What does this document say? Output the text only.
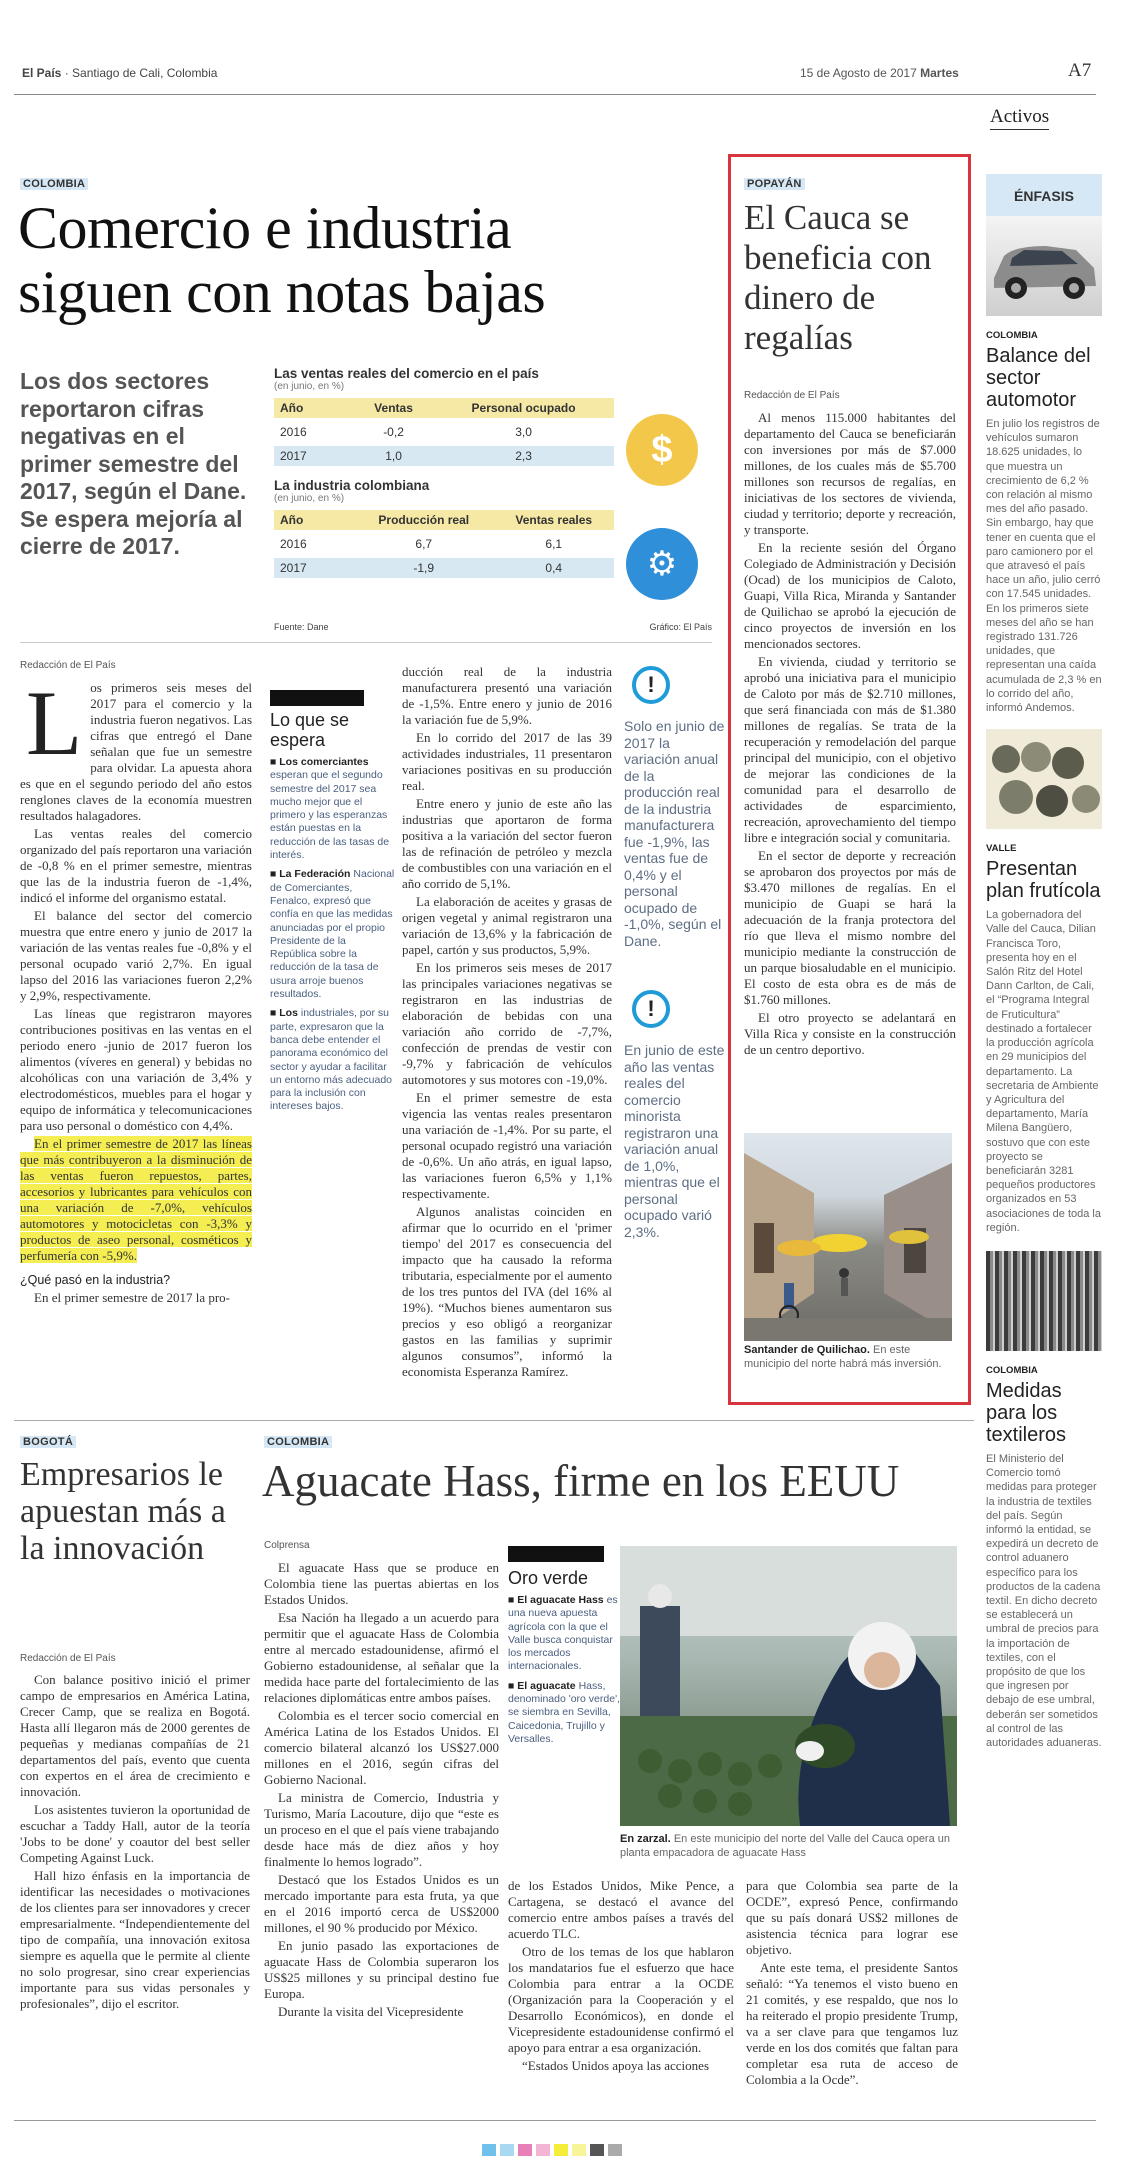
El País · Santiago de Cali, Colombia	15 de Agosto de 2017 Martes	A7
Activos
COLOMBIA
Comercio e industria
siguen con notas bajas
Los dos sectores reportaron cifras negativas en el primer semestre del 2017, según el Dane. Se espera mejoría al cierre de 2017.
Las ventas reales del comercio en el país
(en junio, en %)
Año	Ventas	Personal ocupado
2016	-0,2	3,0
2017	1,0	2,3
La industria colombiana
(en junio, en %)
Año	Producción real	Ventas reales
2016	6,7	6,1
2017	-1,9	0,4
$
⚙
Fuente: Dane	Gráfico: El País
Redacción de El País
L os primeros seis meses del 2017 para el comercio y la industria fueron negativos. Las cifras que entregó el Dane señalan que fue un semestre para olvidar. La apuesta ahora es que en el segundo periodo del año estos renglones claves de la economía muestren resultados halagadores.

Las ventas reales del comercio organizado del país reportaron una variación de -0,8 % en el primer semestre, mientras que las de la industria fueron de -1,4%, indicó el informe del organismo estatal.

El balance del sector del comercio muestra que entre enero y junio de 2017 la variación de las ventas reales fue -0,8% y el personal ocupado varió 2,7%. En igual lapso del 2016 las variaciones fueron 2,2% y 2,9%, respectivamente.

Las líneas que registraron mayores contribuciones positivas en las ventas en el periodo enero -junio de 2017 fueron los alimentos (víveres en general) y bebidas no alcohólicas con una variación de 3,4% y electrodomésticos, muebles para el hogar y equipo de informática y telecomunicaciones para uso personal o doméstico con 4,4%.

En el primer semestre de 2017 las líneas que más contribuyeron a la disminución de las ventas fueron repuestos, partes, accesorios y lubricantes para vehículos con una variación de -7,0%, vehículos automotores y motocicletas con -3,3% y productos de aseo personal, cosméticos y perfumería con -5,9%.

¿Qué pasó en la industria?

En el primer semestre de 2017 la pro-

Lo que se espera
■ Los comerciantes esperan que el segundo semestre del 2017 sea mucho mejor que el primero y las esperanzas están puestas en la reducción de las tasas de interés.
■ La Federación Nacional de Comerciantes, Fenalco, expresó que confía en que las medidas anunciadas por el propio Presidente de la República sobre la reducción de la tasa de usura arroje buenos resultados.
■ Los industriales, por su parte, expresaron que la banca debe entender el panorama económico del sector y ayudar a facilitar un entorno más adecuado para la inclusión con intereses bajos.

ducción real de la industria manufacturera presentó una variación de -1,5%. Entre enero y junio de 2016 la variación fue de 5,9%.

En lo corrido del 2017 de las 39 actividades industriales, 11 presentaron variaciones positivas en su producción real.

Entre enero y junio de este año las industrias que aportaron de forma positiva a la variación del sector fueron las de refinación de petróleo y mezcla de combustibles con una variación en el año corrido de 5,1%.

La elaboración de aceites y grasas de origen vegetal y animal registraron una variación de 13,6% y la fabricación de papel, cartón y sus productos, 5,9%.

En los primeros seis meses de 2017 las principales variaciones negativas se registraron en las industrias de elaboración de bebidas con una variación año corrido de -7,7%, confección de prendas de vestir con -9,7% y fabricación de vehículos automotores y sus motores con -19,0%.

En el primer semestre de esta vigencia las ventas reales presentaron una variación de -1,4%. Por su parte, el personal ocupado registró una variación de -0,6%. Un año atrás, en igual lapso, las variaciones fueron 6,5% y 1,1% respectivamente.

Algunos analistas coinciden en afirmar que lo ocurrido en el 'primer tiempo' del 2017 es consecuencia del impacto que ha causado la reforma tributaria, especialmente por el aumento de los tres puntos del IVA (del 16% al 19%). “Muchos bienes aumentaron sus precios y eso obligó a reorganizar gastos en las familias y suprimir algunos consumos”, informó la economista Esperanza Ramírez.

!

Solo en junio de 2017 la variación anual de la producción real de la industria manufacturera fue -1,9%, las ventas fue de 0,4% y el personal ocupado de -1,0%, según el Dane.

!

En junio de este año las ventas reales del comercio minorista registraron una variación anual de 1,0%, mientras que el personal ocupado varió 2,3%.

POPAYÁN
El Cauca se beneficia con dinero de regalías
Redacción de El País

Al menos 115.000 habitantes del departamento del Cauca se beneficiarán con inversiones por más de $7.000 millones, de los cuales más de $5.700 millones son recursos de regalías, en iniciativas de los sectores de vivienda, ciudad y territorio; deporte y recreación, y transporte.

En la reciente sesión del Órgano Colegiado de Administración y Decisión (Ocad) de los municipios de Caloto, Guapi, Villa Rica, Miranda y Santander de Quilichao se aprobó la ejecución de cinco proyectos de inversión en los mencionados sectores.

En vivienda, ciudad y territorio se aprobó una iniciativa para el municipio de Caloto por más de $2.710 millones, que será financiada con más de $1.380 millones de regalías. Se trata de la recuperación y remodelación del parque principal del municipio, con el objetivo de mejorar las condiciones de la comunidad para el desarrollo de actividades de esparcimiento, recreación, aprovechamiento del tiempo libre e integración social y comunitaria.

En el sector de deporte y recreación se aprobaron dos proyectos por más de $3.470 millones de regalías. En el municipio de Guapi se hará la adecuación de la franja protectora del río que lleva el mismo nombre del municipio mediante la construcción de un parque biosaludable en el municipio. El costo de esta obra es de más de $1.760 millones.

El otro proyecto se adelantará en Villa Rica y consiste en la construcción de un centro deportivo.

Santander de Quilichao. En este municipio del norte habrá más inversión.
ÉNFASIS
COLOMBIA
Balance del sector automotor

En julio los registros de vehículos sumaron 18.625 unidades, lo que muestra un crecimiento de 6,2 % con relación al mismo mes del año pasado. Sin embargo, hay que tener en cuenta que el paro camionero por el que atravesó el país hace un año, julio cerró con 17.545 unidades. En los primeros siete meses del año se han registrado 131.726 unidades, que representan una caída acumulada de 2,3 % en lo corrido del año, informó Andemos.

VALLE
Presentan plan frutícola

La gobernadora del Valle del Cauca, Dilian Francisca Toro, presenta hoy en el Salón Ritz del Hotel Dann Carlton, de Cali, el “Programa Integral de Fruticultura” destinado a fortalecer la producción agrícola en 29 municipios del departamento. La secretaria de Ambiente y Agricultura del departamento, María Milena Bangüero, sostuvo que con este proyecto se beneficiarán 3281 pequeños productores organizados en 53 asociaciones de toda la región.

COLOMBIA
Medidas para los textileros

El Ministerio del Comercio tomó medidas para proteger la industria de textiles del país. Según informó la entidad, se expedirá un decreto de control aduanero específico para los productos de la cadena textil. En dicho decreto se establecerá un umbral de precios para la importación de textiles, con el propósito de que los que ingresen por debajo de ese umbral, deberán ser sometidos al control de las autoridades aduaneras.

BOGOTÁ
Empresarios le apuestan más a la innovación
Redacción de El País

Con balance positivo inició el primer campo de empresarios en América Latina, Crecer Camp, que se realiza en Bogotá. Hasta allí llegaron más de 2000 gerentes de pequeñas y medianas compañías de 21 departamentos del país, evento que cuenta con expertos en el área de crecimiento e innovación.

Los asistentes tuvieron la oportunidad de escuchar a Taddy Hall, autor de la teoría 'Jobs to be done' y coautor del best seller Competing Against Luck.

Hall hizo énfasis en la importancia de identificar las necesidades o motivaciones de los clientes para ser innovadores y crecer empresarialmente. “Independientemente del tipo de compañía, una innovación exitosa siempre es aquella que le permite al cliente no solo progresar, sino crear experiencias importante para sus vidas personales y profesionales”, dijo el escritor.

COLOMBIA
Aguacate Hass, firme en los EEUU
Colprensa

El aguacate Hass que se produce en Colombia tiene las puertas abiertas en los Estados Unidos.

Esa Nación ha llegado a un acuerdo para permitir que el aguacate Hass de Colombia entre al mercado estadounidense, afirmó el Gobierno estadounidense, al señalar que la medida hace parte del fortalecimiento de las relaciones diplomáticas entre ambos países.

Colombia es el tercer socio comercial en América Latina de los Estados Unidos. El comercio bilateral alcanzó los US$27.000 millones en el 2016, según cifras del Gobierno Nacional.

La ministra de Comercio, Industria y Turismo, María Lacouture, dijo que “este es un proceso en el que el país viene trabajando desde hace más de diez años y hoy finalmente lo hemos logrado”.

Destacó que los Estados Unidos es un mercado importante para esta fruta, ya que en el 2016 importó cerca de US$2000 millones, el 90 % producido por México.

En junio pasado las exportaciones de aguacate Hass de Colombia superaron los US$25 millones y su principal destino fue Europa.

Durante la visita del Vicepresidente

Oro verde
■ El aguacate Hass es una nueva apuesta agrícola con la que el Valle busca conquistar los mercados internacionales.
■ El aguacate Hass, denominado 'oro verde', se siembra en Sevilla, Caicedonia, Trujillo y Versalles.
En zarzal. En este municipio del norte del Valle del Cauca opera un planta empacadora de aguacate Hass

de los Estados Unidos, Mike Pence, a Cartagena, se destacó el avance del comercio entre ambos países a través del acuerdo TLC.

Otro de los temas de los que hablaron los mandatarios fue el esfuerzo que hace Colombia para entrar a la OCDE (Organización para la Cooperación y el Desarrollo Económicos), en donde el Vicepresidente estadounidense confirmó el apoyo para entrar a esa organización.

“Estados Unidos apoya las acciones

para que Colombia sea parte de la OCDE”, expresó Pence, confirmando que su país donará US$2 millones de asistencia técnica para lograr ese objetivo.

Ante este tema, el presidente Santos señaló: “Ya tenemos el visto bueno en 21 comités, y ese respaldo, que nos lo ha reiterado el propio presidente Trump, va a ser clave para que tengamos luz verde en los dos comités que faltan para completar esa ruta de acceso de Colombia a la Ocde”.
